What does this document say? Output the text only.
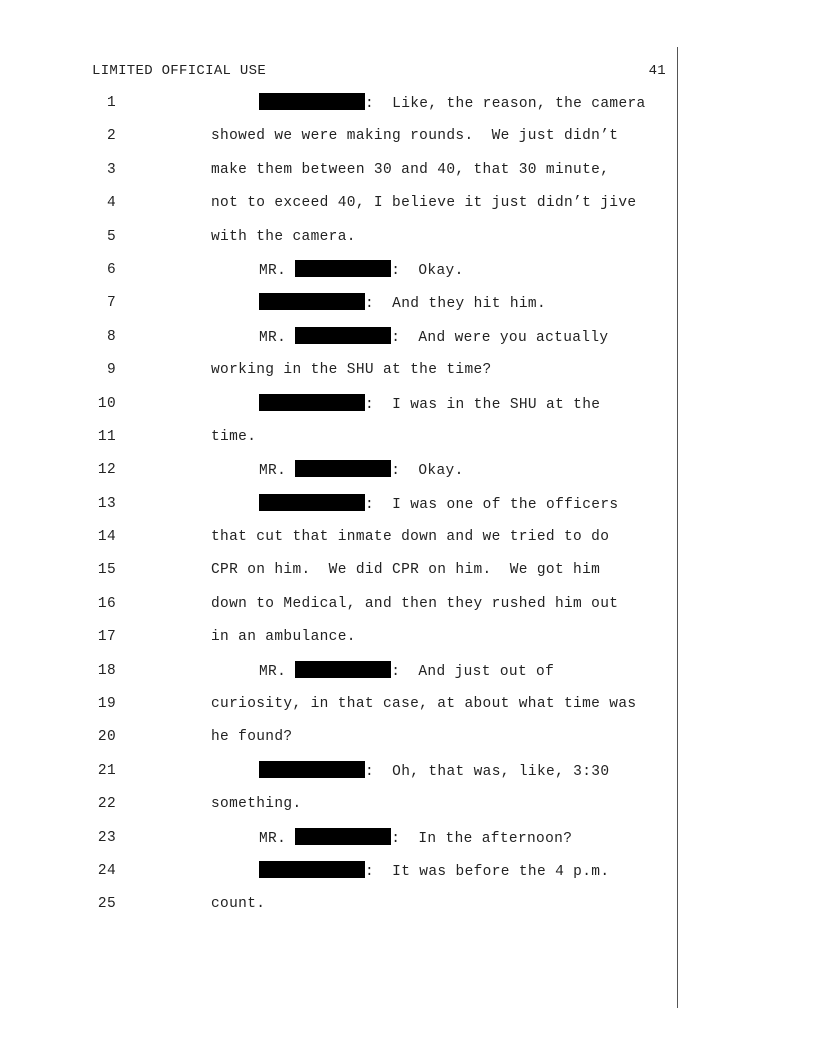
LIMITED OFFICIAL USE	41
1	:  Like, the reason, the camera
2	showed we were making rounds.  We just didn’t
3	make them between 30 and 40, that 30 minute,
4	not to exceed 40, I believe it just didn’t jive
5	with the camera.
6	MR.	:  Okay.
7	:  And they hit him.
8	MR.	:  And were you actually
9	working in the SHU at the time?
10	:  I was in the SHU at the
11	time.
12	MR.	:  Okay.
13	:  I was one of the officers
14	that cut that inmate down and we tried to do
15	CPR on him.  We did CPR on him.  We got him
16	down to Medical, and then they rushed him out
17	in an ambulance.
18	MR.	:  And just out of
19	curiosity, in that case, at about what time was
20	he found?
21	:  Oh, that was, like, 3:30
22	something.
23	MR.	:  In the afternoon?
24	:  It was before the 4 p.m.
25	count.
